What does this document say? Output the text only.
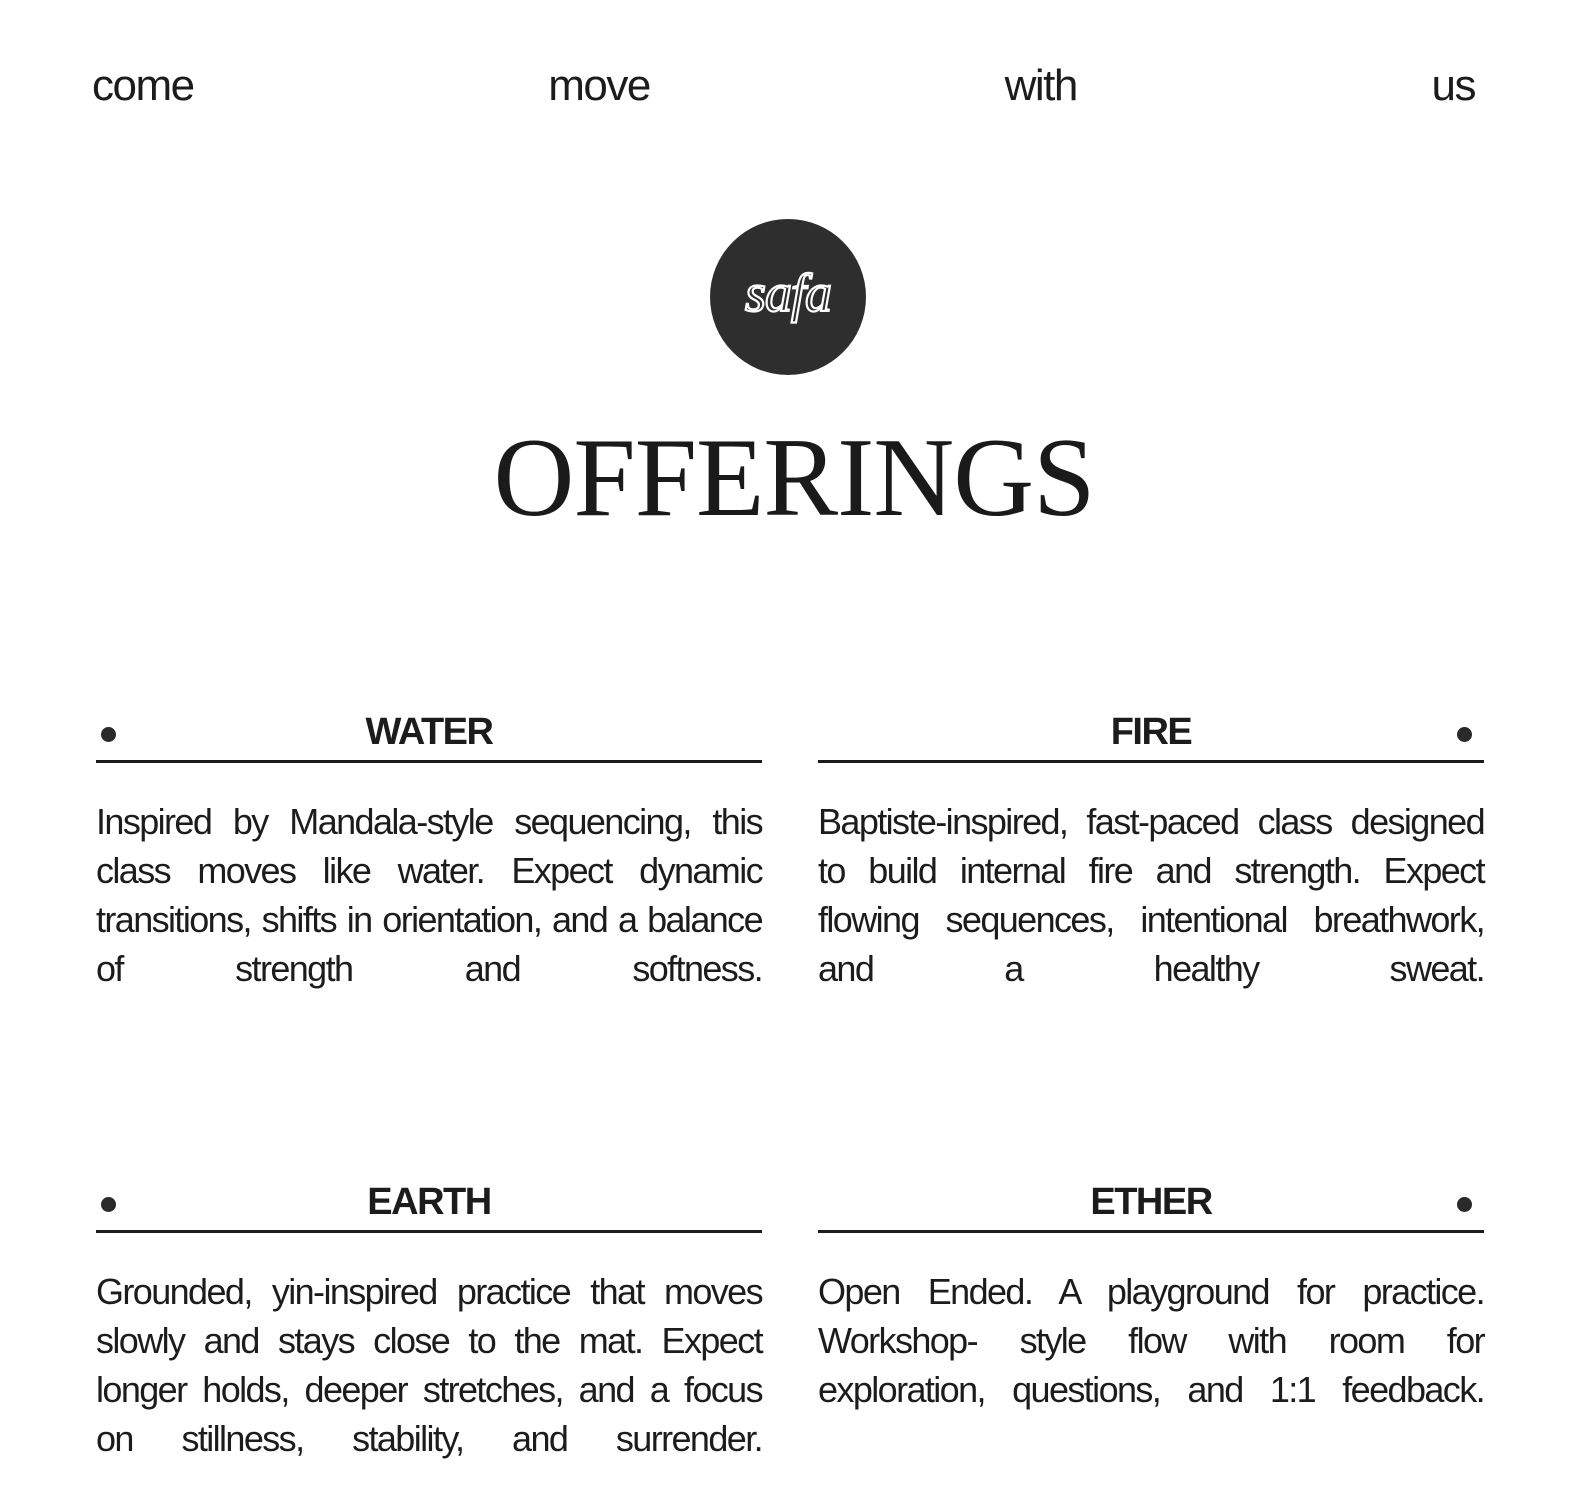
come	move	with	us
safa
OFFERINGS
WATER

Inspired by Mandala-style sequencing, this class moves like water. Expect dynamic transitions, shifts in orientation, and a balance of strength and softness.

FIRE

Baptiste-inspired, fast-paced class designed to build internal fire and strength. Expect flowing sequences, intentional breathwork, and a healthy sweat.

EARTH

Grounded, yin-inspired practice that moves slowly and stays close to the mat. Expect longer holds, deeper stretches, and a focus on stillness, stability, and surrender.

ETHER

Open Ended. A playground for practice. Workshop- style flow with room for exploration, questions, and 1:1 feedback.
